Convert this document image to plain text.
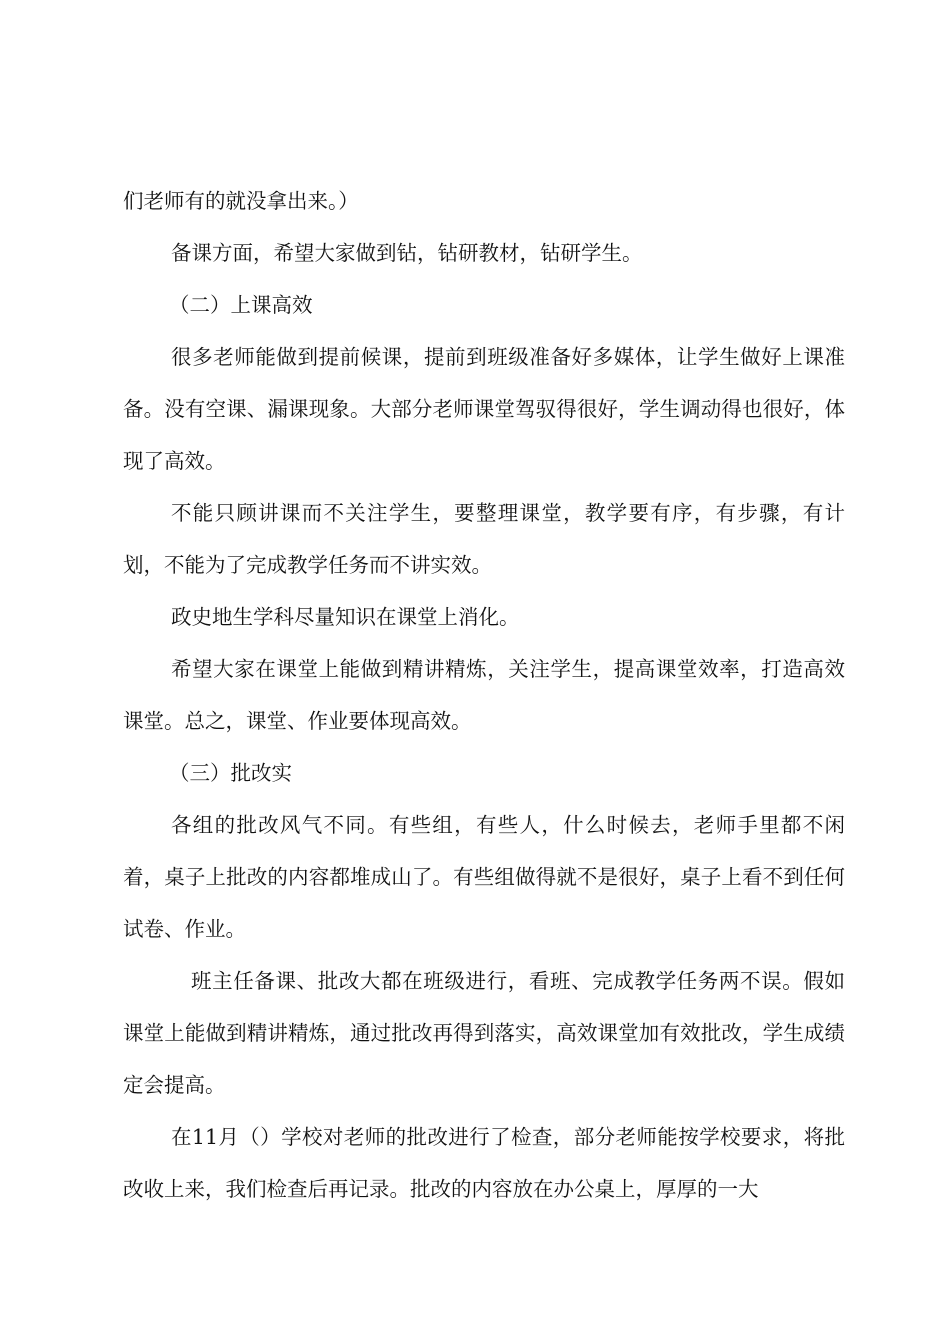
们老师有的就没拿出来。）

备课方面，希望大家做到钻，钻研教材，钻研学生。

（二）上课高效

很多老师能做到提前候课，提前到班级准备好多媒体，让学生做好上课准备。没有空课、漏课现象。大部分老师课堂驾驭得很好，学生调动得也很好，体现了高效。

不能只顾讲课而不关注学生，要整理课堂，教学要有序，有步骤，有计划，不能为了完成教学任务而不讲实效。

政史地生学科尽量知识在课堂上消化。

希望大家在课堂上能做到精讲精炼，关注学生，提高课堂效率，打造高效课堂。总之，课堂、作业要体现高效。

（三）批改实

各组的批改风气不同。有些组，有些人，什么时候去，老师手里都不闲着，桌子上批改的内容都堆成山了。有些组做得就不是很好，桌子上看不到任何试卷、作业。

班主任备课、批改大都在班级进行，看班、完成教学任务两不误。假如课堂上能做到精讲精炼，通过批改再得到落实，高效课堂加有效批改，学生成绩定会提高。

在11月（）学校对老师的批改进行了检查，部分老师能按学校要求，将批改收上来，我们检查后再记录。批改的内容放在办公桌上，厚厚的一大
